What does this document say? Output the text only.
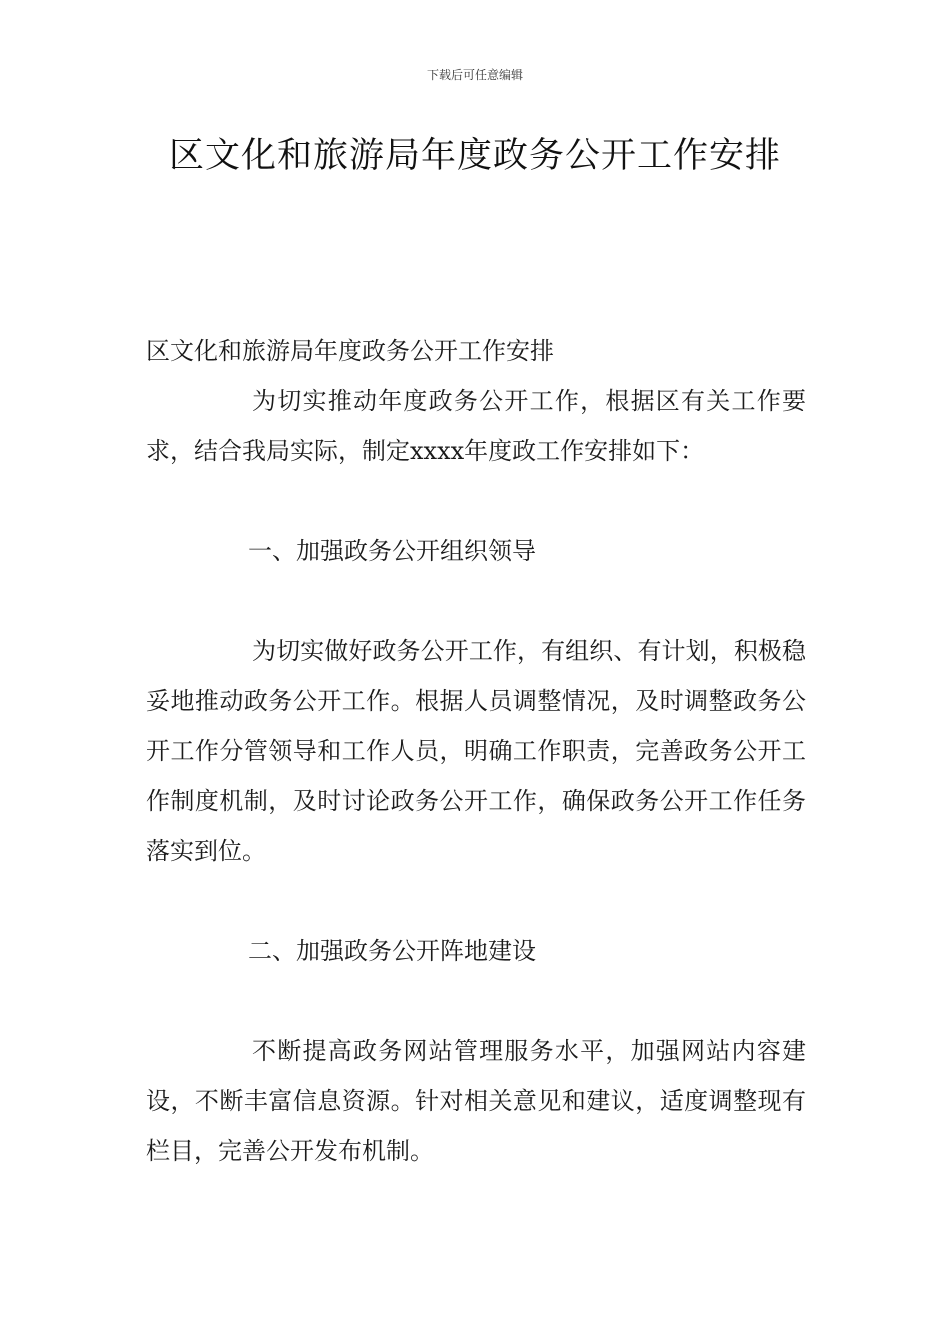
下载后可任意编辑
区文化和旅游局年度政务公开工作安排

区文化和旅游局年度政务公开工作安排

为切实推动年度政务公开工作，根据区有关工作要求，结合我局实际，制定xxxx年度政工作安排如下：

一、加强政务公开组织领导

为切实做好政务公开工作，有组织、有计划，积极稳妥地推动政务公开工作。根据人员调整情况，及时调整政务公开工作分管领导和工作人员，明确工作职责，完善政务公开工作制度机制，及时讨论政务公开工作，确保政务公开工作任务落实到位。

二、加强政务公开阵地建设

不断提高政务网站管理服务水平，加强网站内容建设，不断丰富信息资源。针对相关意见和建议，适度调整现有栏目，完善公开发布机制。
